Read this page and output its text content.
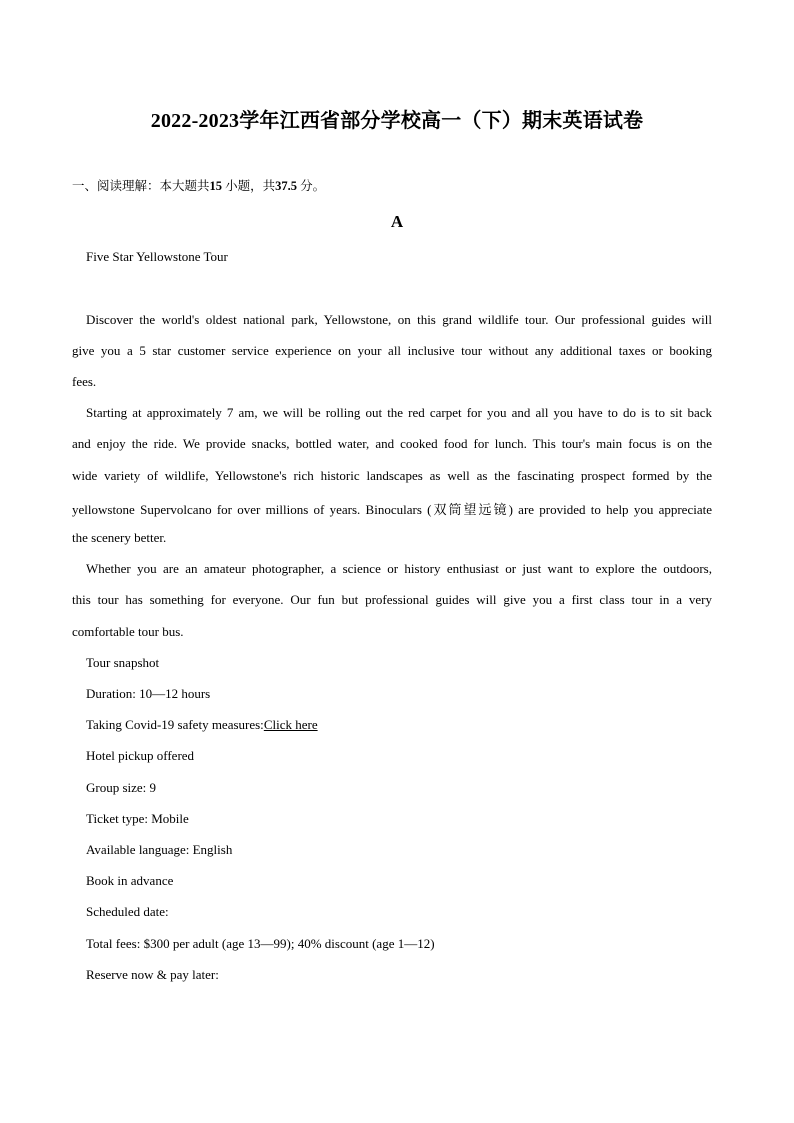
2022-2023学年江西省部分学校高一（下）期末英语试卷
一、阅读理解：本大题共15 小题，共37.5 分。
A
Five Star Yellowstone Tour
Discover the world's oldest national park, Yellowstone, on this grand wildlife tour. Our professional guides will
give you a 5 star customer service experience on your all inclusive tour without any additional taxes or booking
fees.
Starting at approximately 7 am, we will be rolling out the red carpet for you and all you have to do is to sit back
and enjoy the ride. We provide snacks, bottled water, and cooked food for lunch. This tour's main focus is on the
wide variety of wildlife, Yellowstone's rich historic landscapes as well as the fascinating prospect formed by the
yellowstone Supervolcano for over millions of years. Binoculars (双筒望远镜) are provided to help you appreciate
the scenery better.
Whether you are an amateur photographer, a science or history enthusiast or just want to explore the outdoors,
this tour has something for everyone. Our fun but professional guides will give you a first class tour in a very
comfortable tour bus.
Tour snapshot
Duration: 10—12 hours
Taking Covid-19 safety measures:Click here
Hotel pickup offered
Group size: 9
Ticket type: Mobile
Available language: English
Book in advance
Scheduled date:
Total fees: $300 per adult (age 13—99); 40% discount (age 1—12)
Reserve now & pay later:
